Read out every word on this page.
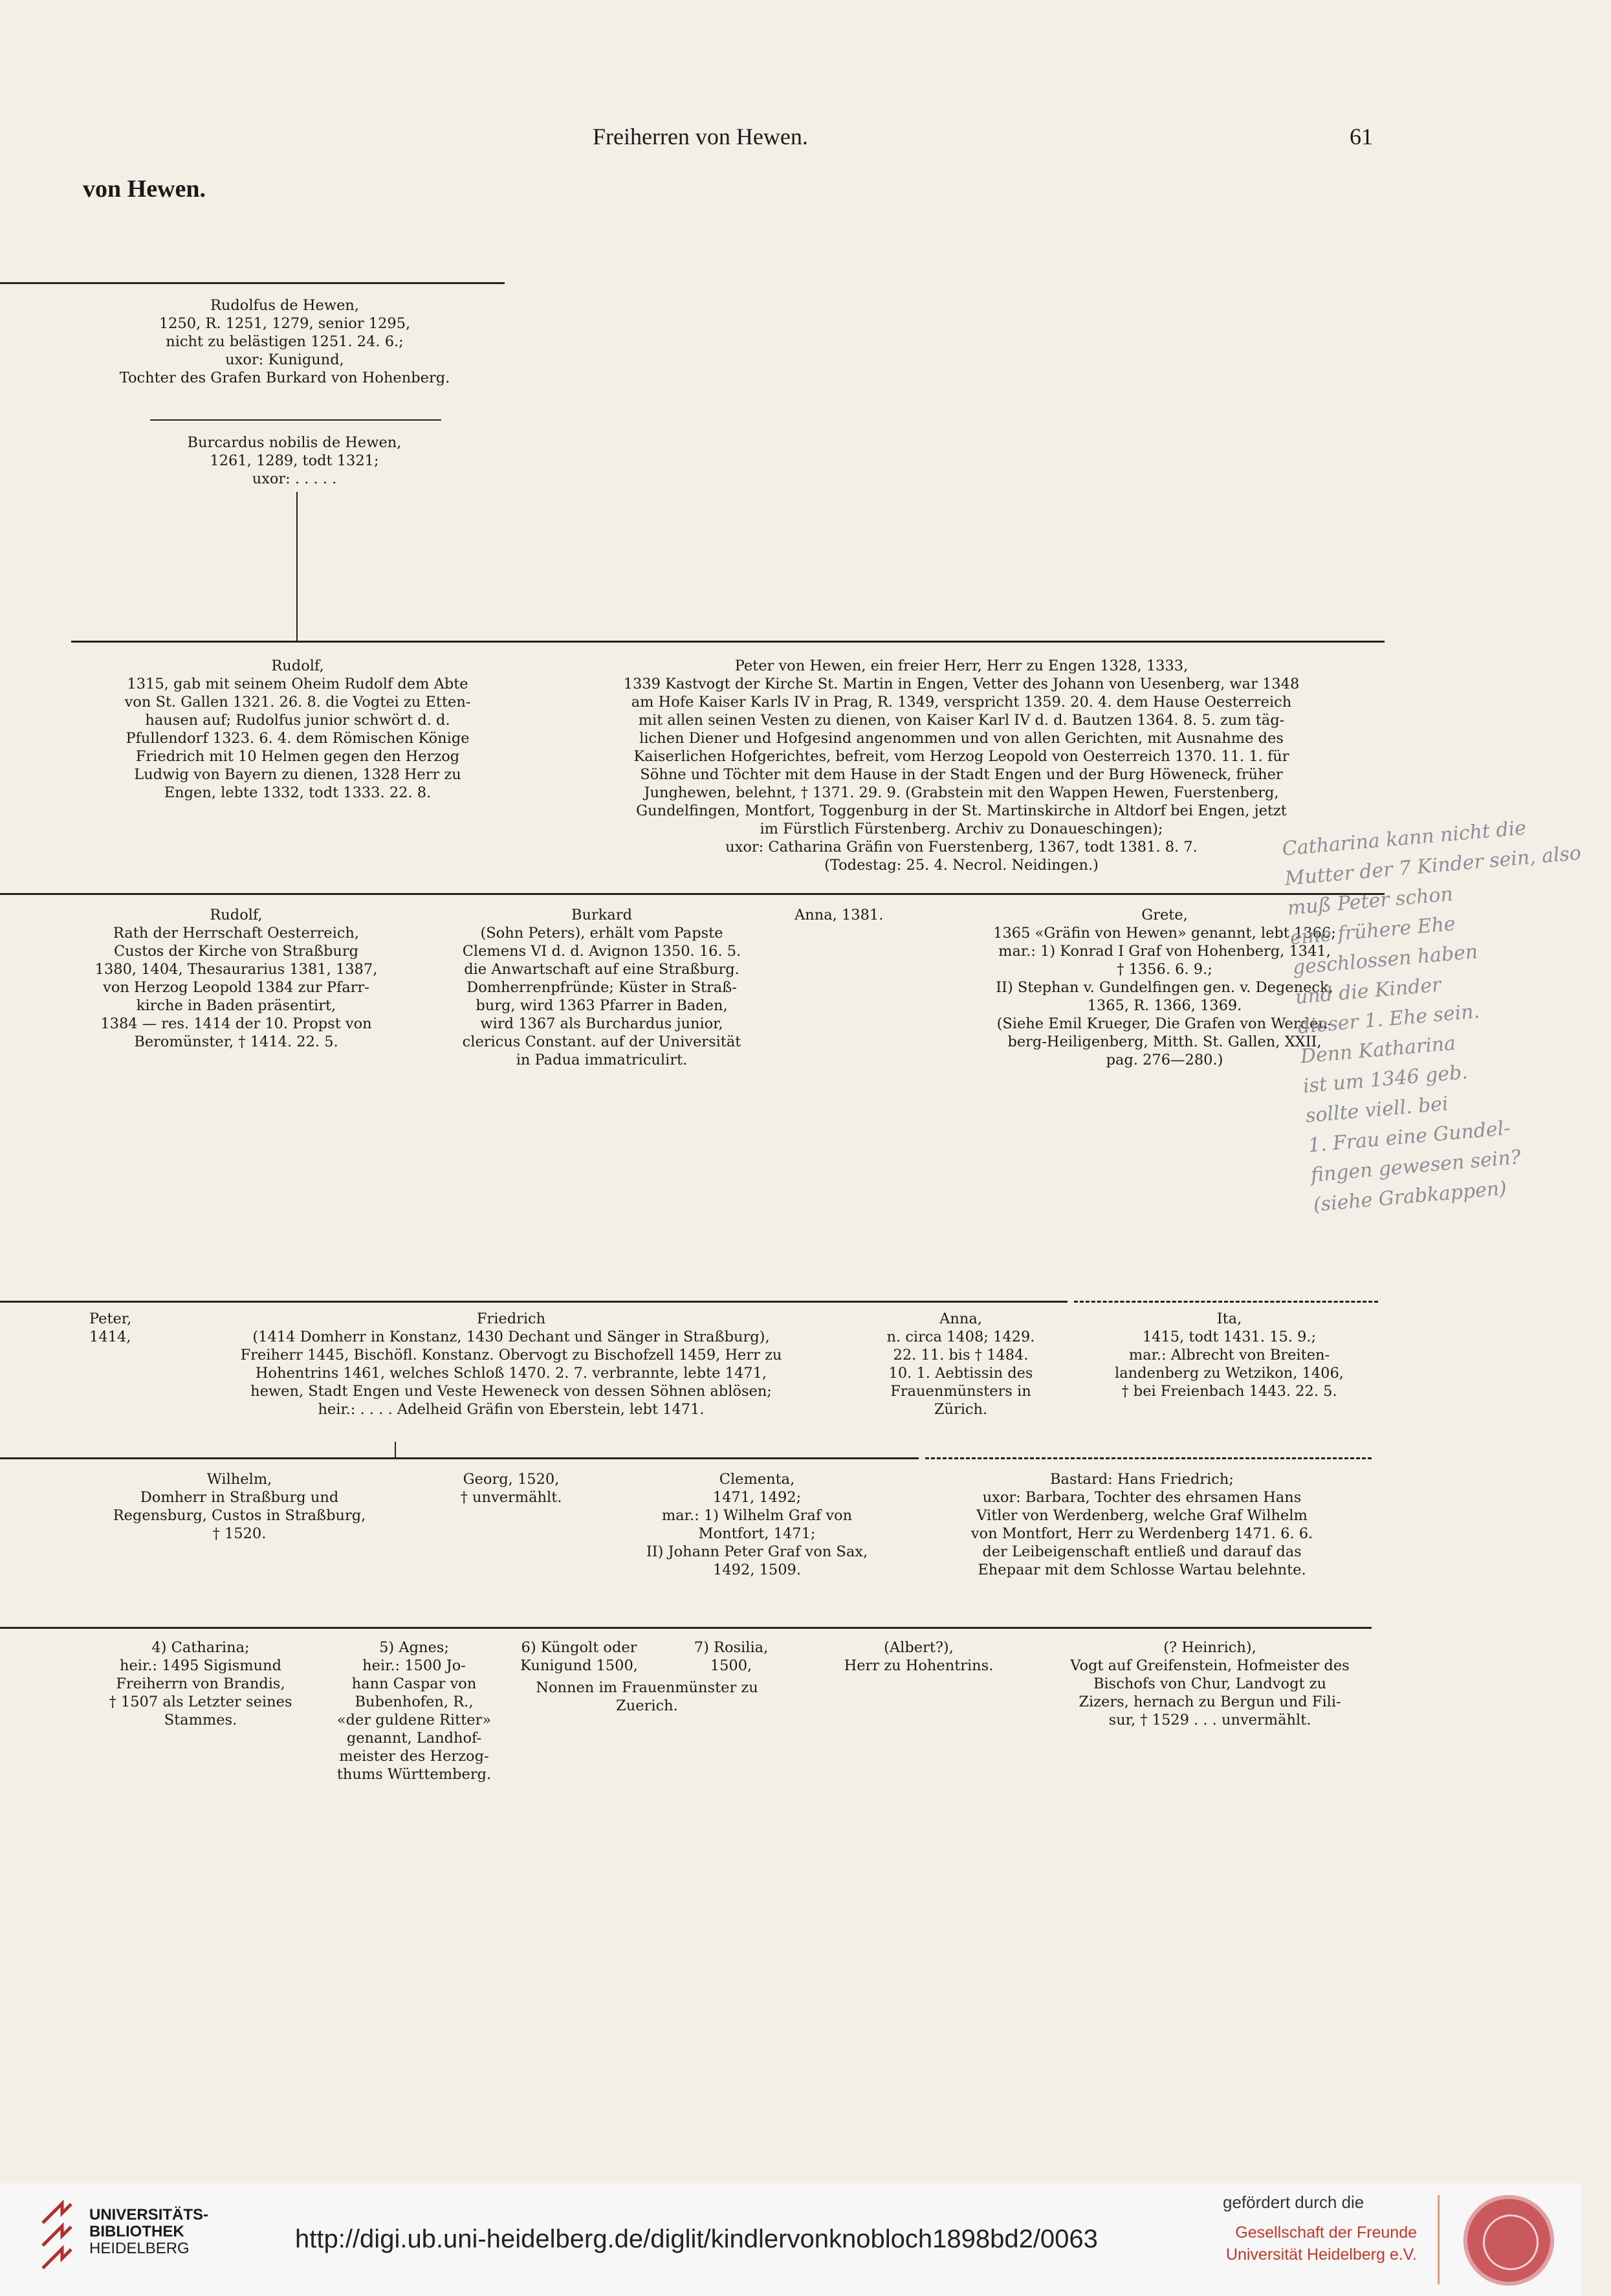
Freiherren von Hewen.	61
von Hewen.
Rudolfus de Hewen,
1250, R. 1251, 1279, senior 1295,
nicht zu belästigen 1251. 24. 6.;
uxor: Kunigund,
Tochter des Grafen Burkard von Hohenberg.
Burcardus nobilis de Hewen,
1261, 1289, todt 1321;
uxor: . . . . .
Rudolf,
1315, gab mit seinem Oheim Rudolf dem Abte
von St. Gallen 1321. 26. 8. die Vogtei zu Etten-
hausen auf; Rudolfus junior schwört d. d.
Pfullendorf 1323. 6. 4. dem Römischen Könige
Friedrich mit 10 Helmen gegen den Herzog
Ludwig von Bayern zu dienen, 1328 Herr zu
Engen, lebte 1332, todt 1333. 22. 8.
Peter von Hewen, ein freier Herr, Herr zu Engen 1328, 1333,
1339 Kastvogt der Kirche St. Martin in Engen, Vetter des Johann von Uesenberg, war 1348
am Hofe Kaiser Karls IV in Prag, R. 1349, verspricht 1359. 20. 4. dem Hause Oesterreich
mit allen seinen Vesten zu dienen, von Kaiser Karl IV d. d. Bautzen 1364. 8. 5. zum täg-
lichen Diener und Hofgesind angenommen und von allen Gerichten, mit Ausnahme des
Kaiserlichen Hofgerichtes, befreit, vom Herzog Leopold von Oesterreich 1370. 11. 1. für
Söhne und Töchter mit dem Hause in der Stadt Engen und der Burg Höweneck, früher
Junghewen, belehnt, † 1371. 29. 9. (Grabstein mit den Wappen Hewen, Fuerstenberg,
Gundelfingen, Montfort, Toggenburg in der St. Martinskirche in Altdorf bei Engen, jetzt
im Fürstlich Fürstenberg. Archiv zu Donaueschingen);
uxor: Catharina Gräfin von Fuerstenberg, 1367, todt 1381. 8. 7.
(Todestag: 25. 4. Necrol. Neidingen.)
Rudolf,
Rath der Herrschaft Oesterreich,
Custos der Kirche von Straßburg
1380, 1404, Thesaurarius 1381, 1387,
von Herzog Leopold 1384 zur Pfarr-
kirche in Baden präsentirt,
1384 — res. 1414 der 10. Propst von
Beromünster, † 1414. 22. 5.
Burkard
(Sohn Peters), erhält vom Papste
Clemens VI d. d. Avignon 1350. 16. 5.
die Anwartschaft auf eine Straßburg.
Domherrenpfründe; Küster in Straß-
burg, wird 1363 Pfarrer in Baden,
wird 1367 als Burchardus junior,
clericus Constant. auf der Universität
in Padua immatriculirt.
Anna, 1381.	Grete,
1365 «Gräfin von Hewen» genannt, lebt 1366;
mar.: 1) Konrad I Graf von Hohenberg, 1341,
† 1356. 6. 9.;
II) Stephan v. Gundelfingen gen. v. Degeneck,
1365, R. 1366, 1369.
(Siehe Emil Krueger, Die Grafen von Werden-
berg-Heiligenberg, Mitth. St. Gallen, XXII,
pag. 276—280.)
Catharina kann nicht die
Mutter der 7 Kinder sein, also
muß Peter schon
eine frühere Ehe
geschlossen haben
und die Kinder
dieser 1. Ehe sein.
Denn Katharina
ist um 1346 geb.
sollte viell. bei
1. Frau eine Gundel-
fingen gewesen sein?
(siehe Grabkappen)
Peter,
1414,
Friedrich
(1414 Domherr in Konstanz, 1430 Dechant und Sänger in Straßburg),
Freiherr 1445, Bischöfl. Konstanz. Obervogt zu Bischofzell 1459, Herr zu
Hohentrins 1461, welches Schloß 1470. 2. 7. verbrannte, lebte 1471,
hewen, Stadt Engen und Veste Heweneck von dessen Söhnen ablösen;
heir.: . . . . Adelheid Gräfin von Eberstein, lebt 1471.
Anna,
n. circa 1408; 1429.
22. 11. bis † 1484.
10. 1. Aebtissin des
Frauenmünsters in
Zürich.
Ita,
1415, todt 1431. 15. 9.;
mar.: Albrecht von Breiten-
landenberg zu Wetzikon, 1406,
† bei Freienbach 1443. 22. 5.
Wilhelm,
Domherr in Straßburg und
Regensburg, Custos in Straßburg,
† 1520.
Georg, 1520,
† unvermählt.
Clementa,
1471, 1492;
mar.: 1) Wilhelm Graf von
Montfort, 1471;
II) Johann Peter Graf von Sax,
1492, 1509.
Bastard: Hans Friedrich;
uxor: Barbara, Tochter des ehrsamen Hans
Vitler von Werdenberg, welche Graf Wilhelm
von Montfort, Herr zu Werdenberg 1471. 6. 6.
der Leibeigenschaft entließ und darauf das
Ehepaar mit dem Schlosse Wartau belehnte.
4) Catharina;
heir.: 1495 Sigismund
Freiherrn von Brandis,
† 1507 als Letzter seines
Stammes.
5) Agnes;
heir.: 1500 Jo-
hann Caspar von
Bubenhofen, R.,
«der guldene Ritter»
genannt, Landhof-
meister des Herzog-
thums Württemberg.
6) Küngolt oder
Kunigund 1500,
7) Rosilia,
1500,
Nonnen im Frauenmünster zu
Zuerich.
(Albert?),
Herr zu Hohentrins.
(? Heinrich),
Vogt auf Greifenstein, Hofmeister des
Bischofs von Chur, Landvogt zu
Zizers, hernach zu Bergun und Fili-
sur, † 1529 . . . unvermählt.
UNIVERSITÄTS-
BIBLIOTHEK
HEIDELBERG	http://digi.ub.uni-heidelberg.de/diglit/kindlervonknobloch1898bd2/0063
gefördert durch die
Gesellschaft der Freunde
Universität Heidelberg e.V.
